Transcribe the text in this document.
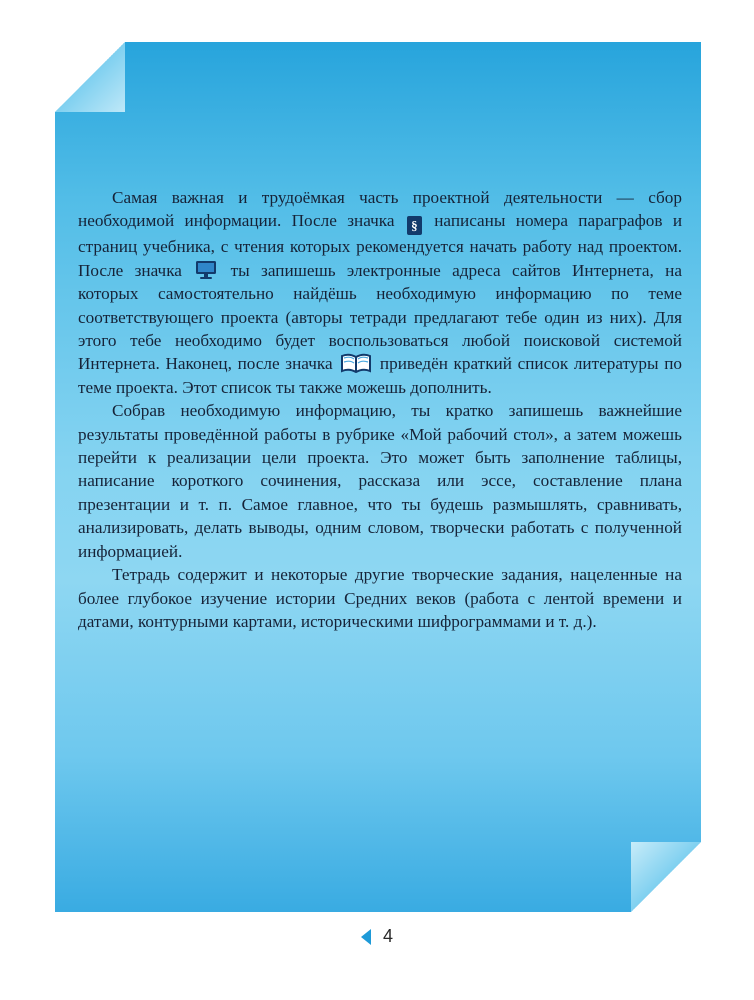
Самая важная и трудоёмкая часть проектной деятельности — сбор необходимой информации. После значка § написаны номера параграфов и страниц учебника, с чтения которых рекомендуется начать работу над проектом. После значка	ты запишешь электронные адреса сайтов Интернета, на которых самостоятельно найдёшь необходимую информацию по теме соответствующего проекта (авторы тетради предлагают тебе один из них). Для этого тебе необходимо будет воспользоваться любой поисковой системой Интернета. Наконец, после значка	приведён краткий список литературы по теме проекта. Этот список ты также можешь дополнить.

Собрав необходимую информацию, ты кратко запишешь важнейшие результаты проведённой работы в рубрике «Мой рабочий стол», а затем можешь перейти к реализации цели проекта. Это может быть заполнение таблицы, написание короткого сочинения, рассказа или эссе, составление плана презентации и т. п. Самое главное, что ты будешь размышлять, сравнивать, анализировать, делать выводы, одним словом, творчески работать с полученной информацией.

Тетрадь содержит и некоторые другие творческие задания, нацеленные на более глубокое изучение истории Средних веков (работа с лентой времени и датами, контурными картами, историческими шифрограммами и т. д.).

4
